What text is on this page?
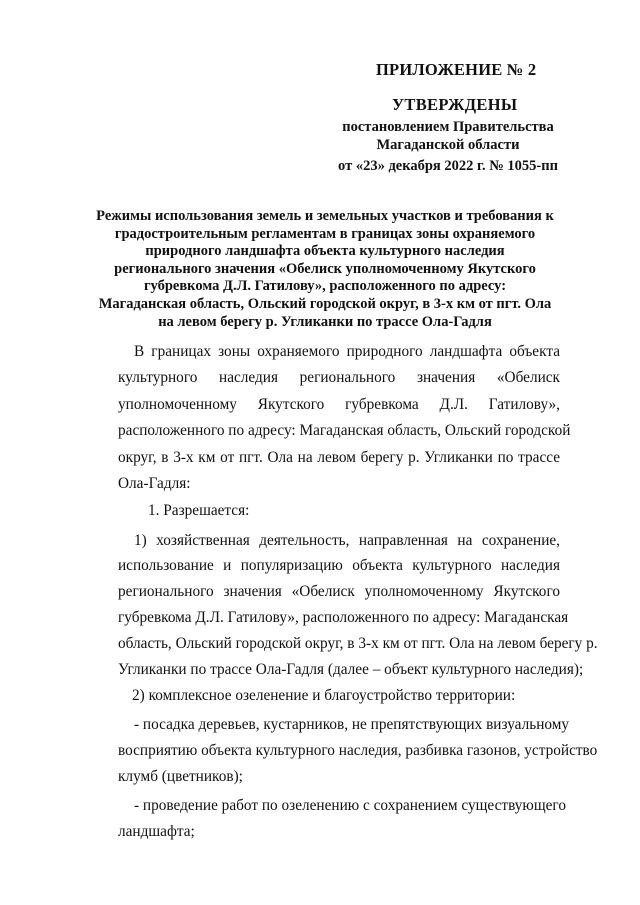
ПРИЛОЖЕНИЕ № 2
УТВЕРЖДЕНЫ
постановлением Правительства
Магаданской области
от «23» декабря 2022 г. № 1055-пп
Режимы использования земель и земельных участков и требования к
градостроительным регламентам в границах зоны охраняемого
природного ландшафта объекта культурного наследия
регионального значения «Обелиск уполномоченному Якутского
губревкома Д.Л. Гатилову», расположенного по адресу:
Магаданская область, Ольский городской округ, в 3-х км от пгт. Ола
на левом берегу р. Угликанки по трассе Ола-Гадля
В границах зоны охраняемого природного ландшафта объекта
культурного наследия регионального значения «Обелиск
уполномоченному Якутского губревкома Д.Л. Гатилову»,
расположенного по адресу: Магаданская область, Ольский городской
округ, в 3-х км от пгт. Ола на левом берегу р. Угликанки по трассе
Ола-Гадля:
1. Разрешается:
1) хозяйственная деятельность, направленная на сохранение,
использование и популяризацию объекта культурного наследия
регионального значения «Обелиск уполномоченному Якутского
губревкома Д.Л. Гатилову», расположенного по адресу: Магаданская
область, Ольский городской округ, в 3-х км от пгт. Ола на левом берегу р.
Угликанки по трассе Ола-Гадля (далее – объект культурного наследия);
2) комплексное озеленение и благоустройство территории:
- посадка деревьев, кустарников, не препятствующих визуальному
восприятию объекта культурного наследия, разбивка газонов, устройство
клумб (цветников);
- проведение работ по озеленению с сохранением существующего
ландшафта;
